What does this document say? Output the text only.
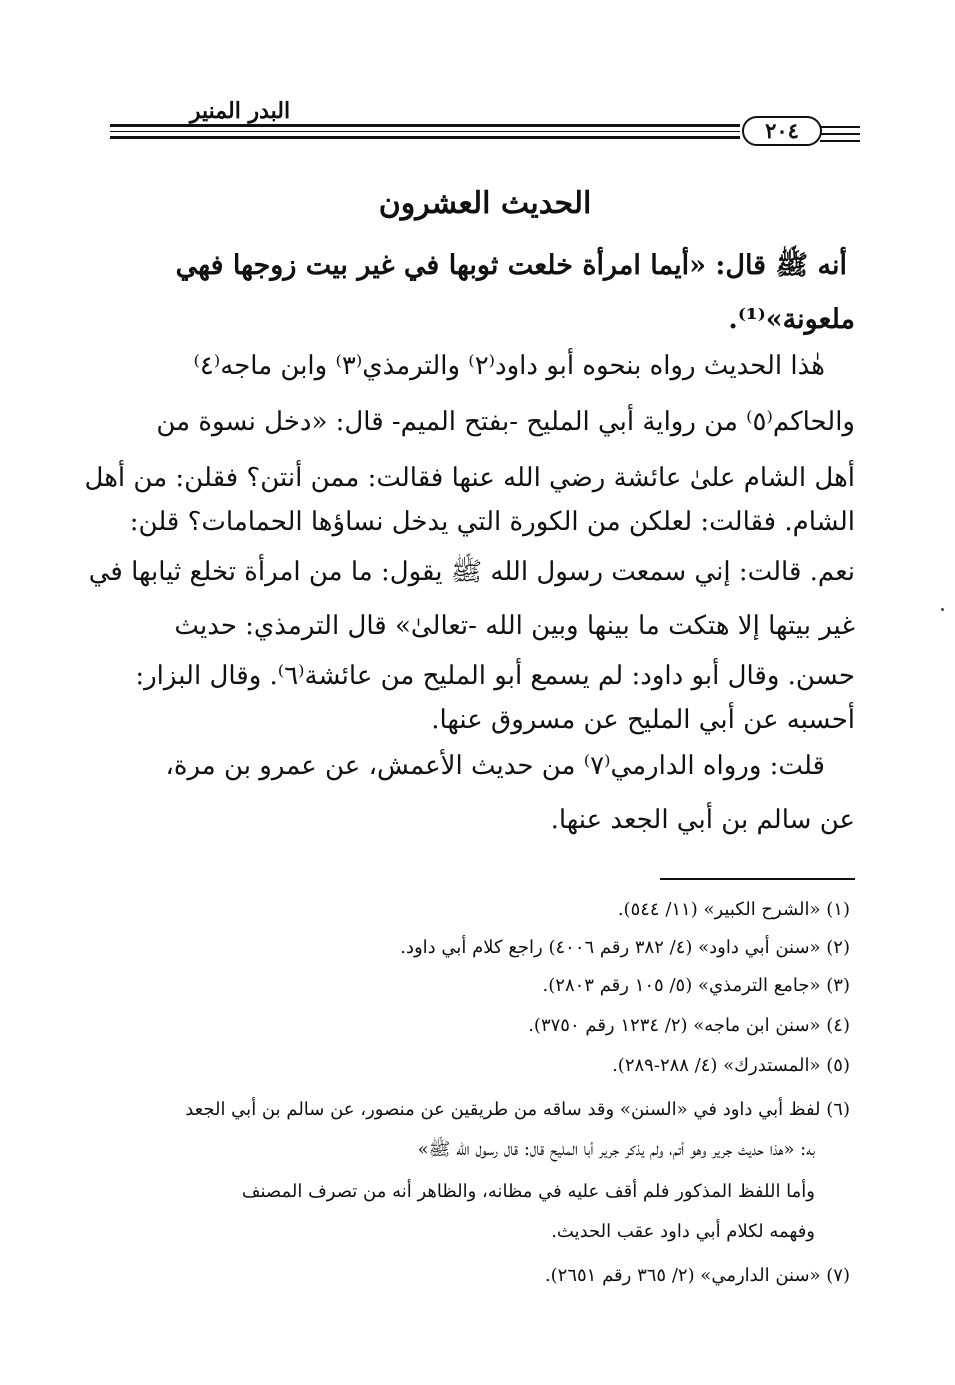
البدر المنير
٢٠٤
الحديث العشرون
أنه ﷺ قال: «أيما امرأة خلعت ثوبها في غير بيت زوجها فهي
ملعونة»⁽¹⁾.
هٰذا الحديث رواه بنحوه أبو داود⁽٢⁾ والترمذي⁽٣⁾ وابن ماجه⁽٤⁾
والحاكم⁽٥⁾ من رواية أبي المليح -بفتح الميم- قال: «دخل نسوة من
أهل الشام علىٰ عائشة رضي الله عنها فقالت: ممن أنتن؟ فقلن: من أهل
الشام. فقالت: لعلكن من الكورة التي يدخل نساؤها الحمامات؟ قلن:
نعم. قالت: إني سمعت رسول الله ﷺ يقول: ما من امرأة تخلع ثيابها في
غير بيتها إلا هتكت ما بينها وبين الله -تعالىٰ» قال الترمذي: حديث
حسن. وقال أبو داود: لم يسمع أبو المليح من عائشة⁽٦⁾. وقال البزار:
أحسبه عن أبي المليح عن مسروق عنها.
قلت: ورواه الدارمي⁽٧⁾ من حديث الأعمش، عن عمرو بن مرة،
عن سالم بن أبي الجعد عنها.
(١) «الشرح الكبير» (١١/ ٥٤٤).
(٢) «سنن أبي داود» (٤/ ٣٨٢ رقم ٤٠٠٦) راجع كلام أبي داود.
(٣) «جامع الترمذي» (٥/ ١٠٥ رقم ٢٨٠٣).
(٤) «سنن ابن ماجه» (٢/ ١٢٣٤ رقم ٣٧٥٠).
(٥) «المستدرك» (٤/ ٢٨٨-٢٨٩).
(٦) لفظ أبي داود في «السنن» وقد ساقه من طريقين عن منصور، عن سالم بن أبي الجعد
به: «هذا حديث جرير وهو أتم، ولم يذكر جرير أبا المليح قال: قال رسول الله ﷺ»
وأما اللفظ المذكور فلم أقف عليه في مظانه، والظاهر أنه من تصرف المصنف
وفهمه لكلام أبي داود عقب الحديث.
(٧) «سنن الدارمي» (٢/ ٣٦٥ رقم ٢٦٥١).
